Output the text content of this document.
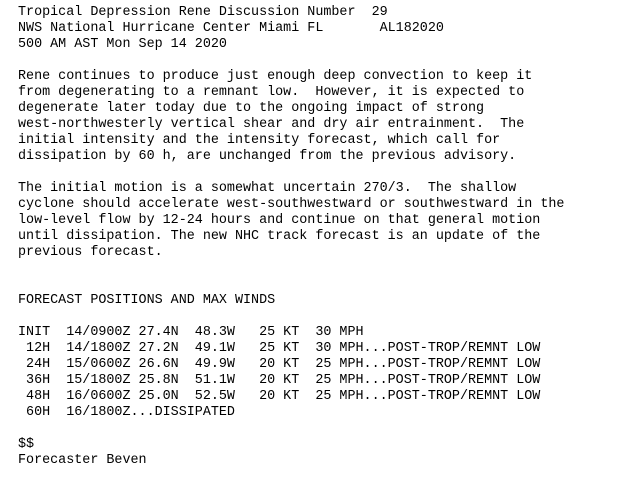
Tropical Depression Rene Discussion Number  29
NWS National Hurricane Center Miami FL       AL182020
500 AM AST Mon Sep 14 2020
Rene continues to produce just enough deep convection to keep it
from degenerating to a remnant low.  However, it is expected to
degenerate later today due to the ongoing impact of strong
west-northwesterly vertical shear and dry air entrainment.  The
initial intensity and the intensity forecast, which call for
dissipation by 60 h, are unchanged from the previous advisory.
The initial motion is a somewhat uncertain 270/3.  The shallow
cyclone should accelerate west-southwestward or southwestward in the
low-level flow by 12-24 hours and continue on that general motion
until dissipation. The new NHC track forecast is an update of the
previous forecast.
FORECAST POSITIONS AND MAX WINDS
INIT  14/0900Z 27.4N  48.3W   25 KT  30 MPH
12H  14/1800Z 27.2N  49.1W   25 KT  30 MPH...POST-TROP/REMNT LOW
24H  15/0600Z 26.6N  49.9W   20 KT  25 MPH...POST-TROP/REMNT LOW
36H  15/1800Z 25.8N  51.1W   20 KT  25 MPH...POST-TROP/REMNT LOW
48H  16/0600Z 25.0N  52.5W   20 KT  25 MPH...POST-TROP/REMNT LOW
60H  16/1800Z...DISSIPATED
$$
Forecaster Beven
